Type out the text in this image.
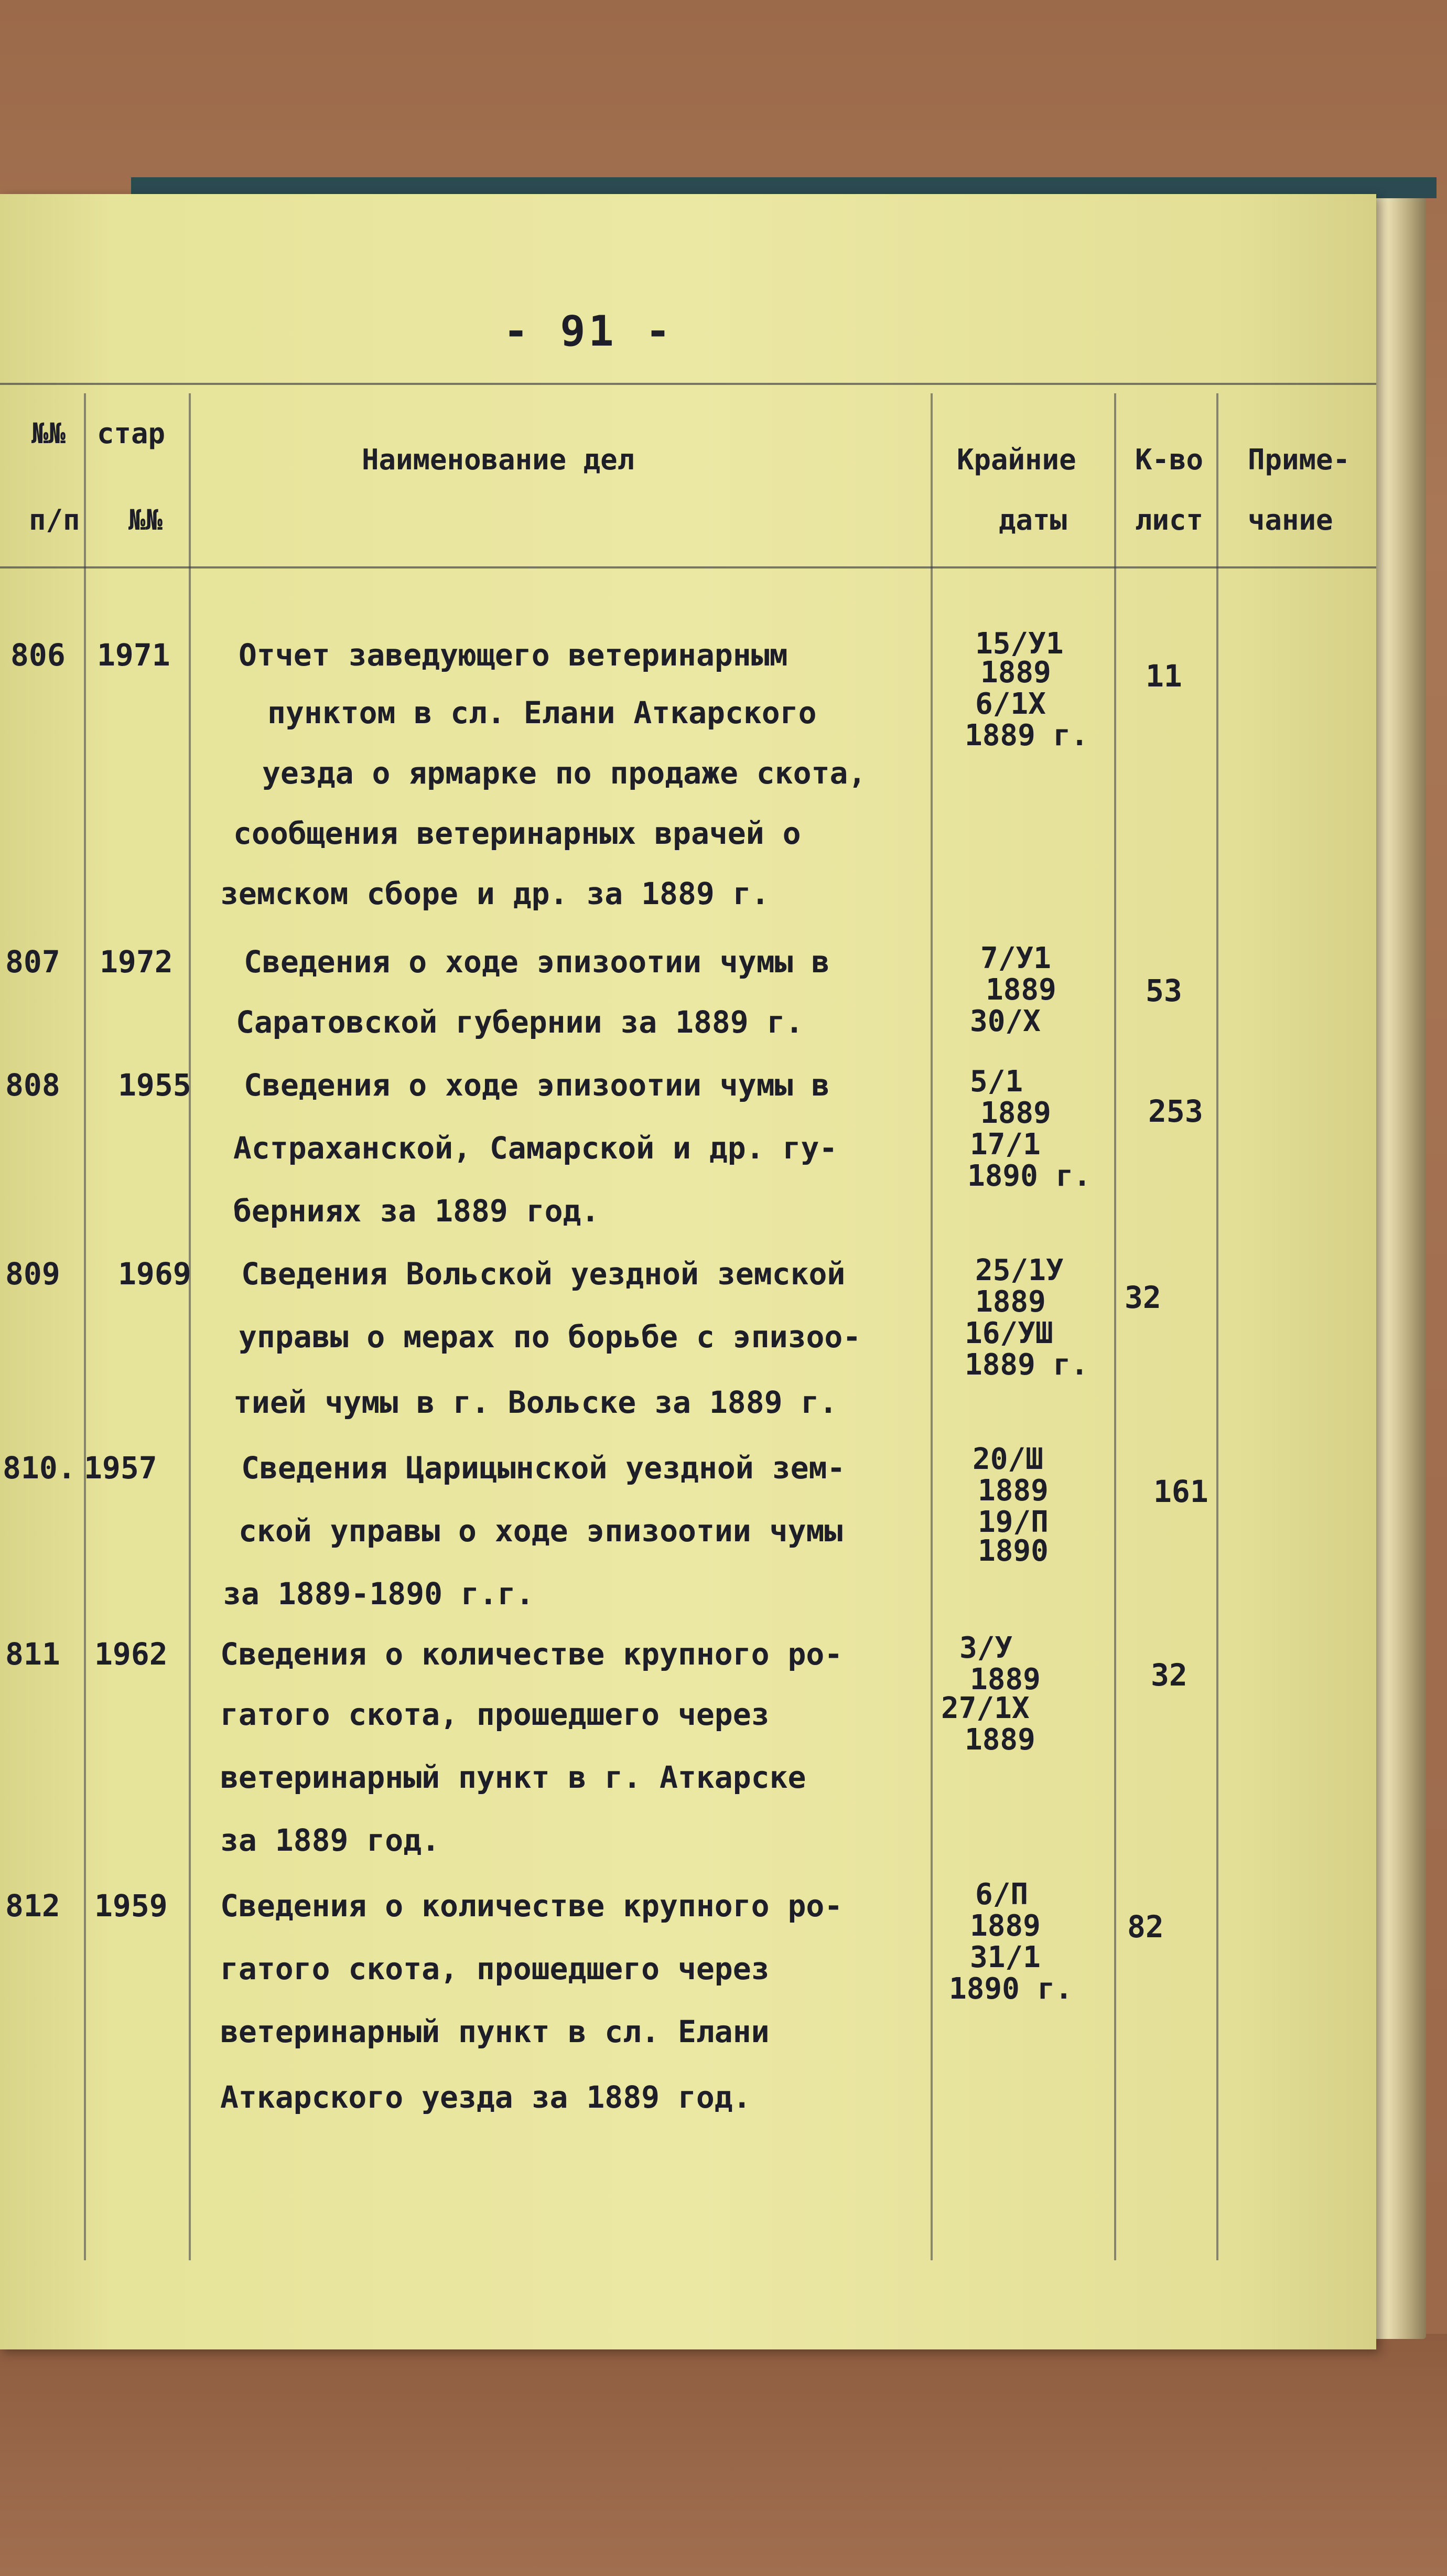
- 91 -
№№ стар
п/п №№
Наименование дел	Крайние
даты
К-во
лист
Приме-
чание
806 1971 Отчет заведующего ветеринарным
пунктом в сл. Елани Аткарского
уезда о ярмарке по продаже скота,
сообщения ветеринарных врачей о
земском сборе и др. за 1889 г.
15/У1
1889
6/1Х
1889 г.
11
807 1972 Сведения о ходе эпизоотии чумы в
Саратовской губернии за 1889 г.
7/У1
1889
30/Х
53
808 1955 Сведения о ходе эпизоотии чумы в
Астраханской, Самарской и др. гу-
берниях за 1889 год.
5/1
1889
17/1
1890 г.
253
809 1969 Сведения Вольской уездной земской
управы о мерах по борьбе с эпизоо-
тией чумы в г. Вольске за 1889 г.
25/1У
1889
16/УШ
1889 г.
32
810. 1957	Сведения Царицынской уездной зем-
ской управы о ходе эпизоотии чумы
за 1889-1890 г.г.
20/Ш
1889
19/П
1890
161
811 1962 Сведения о количестве крупного ро-
гатого скота, прошедшего через
ветеринарный пункт в г. Аткарске
за 1889 год.
3/У
1889
27/1Х
1889
32
812 1959 Сведения о количестве крупного ро-
гатого скота, прошедшего через
ветеринарный пункт в сл. Елани
Аткарского уезда за 1889 год.
6/П
1889
31/1
1890 г.
82
